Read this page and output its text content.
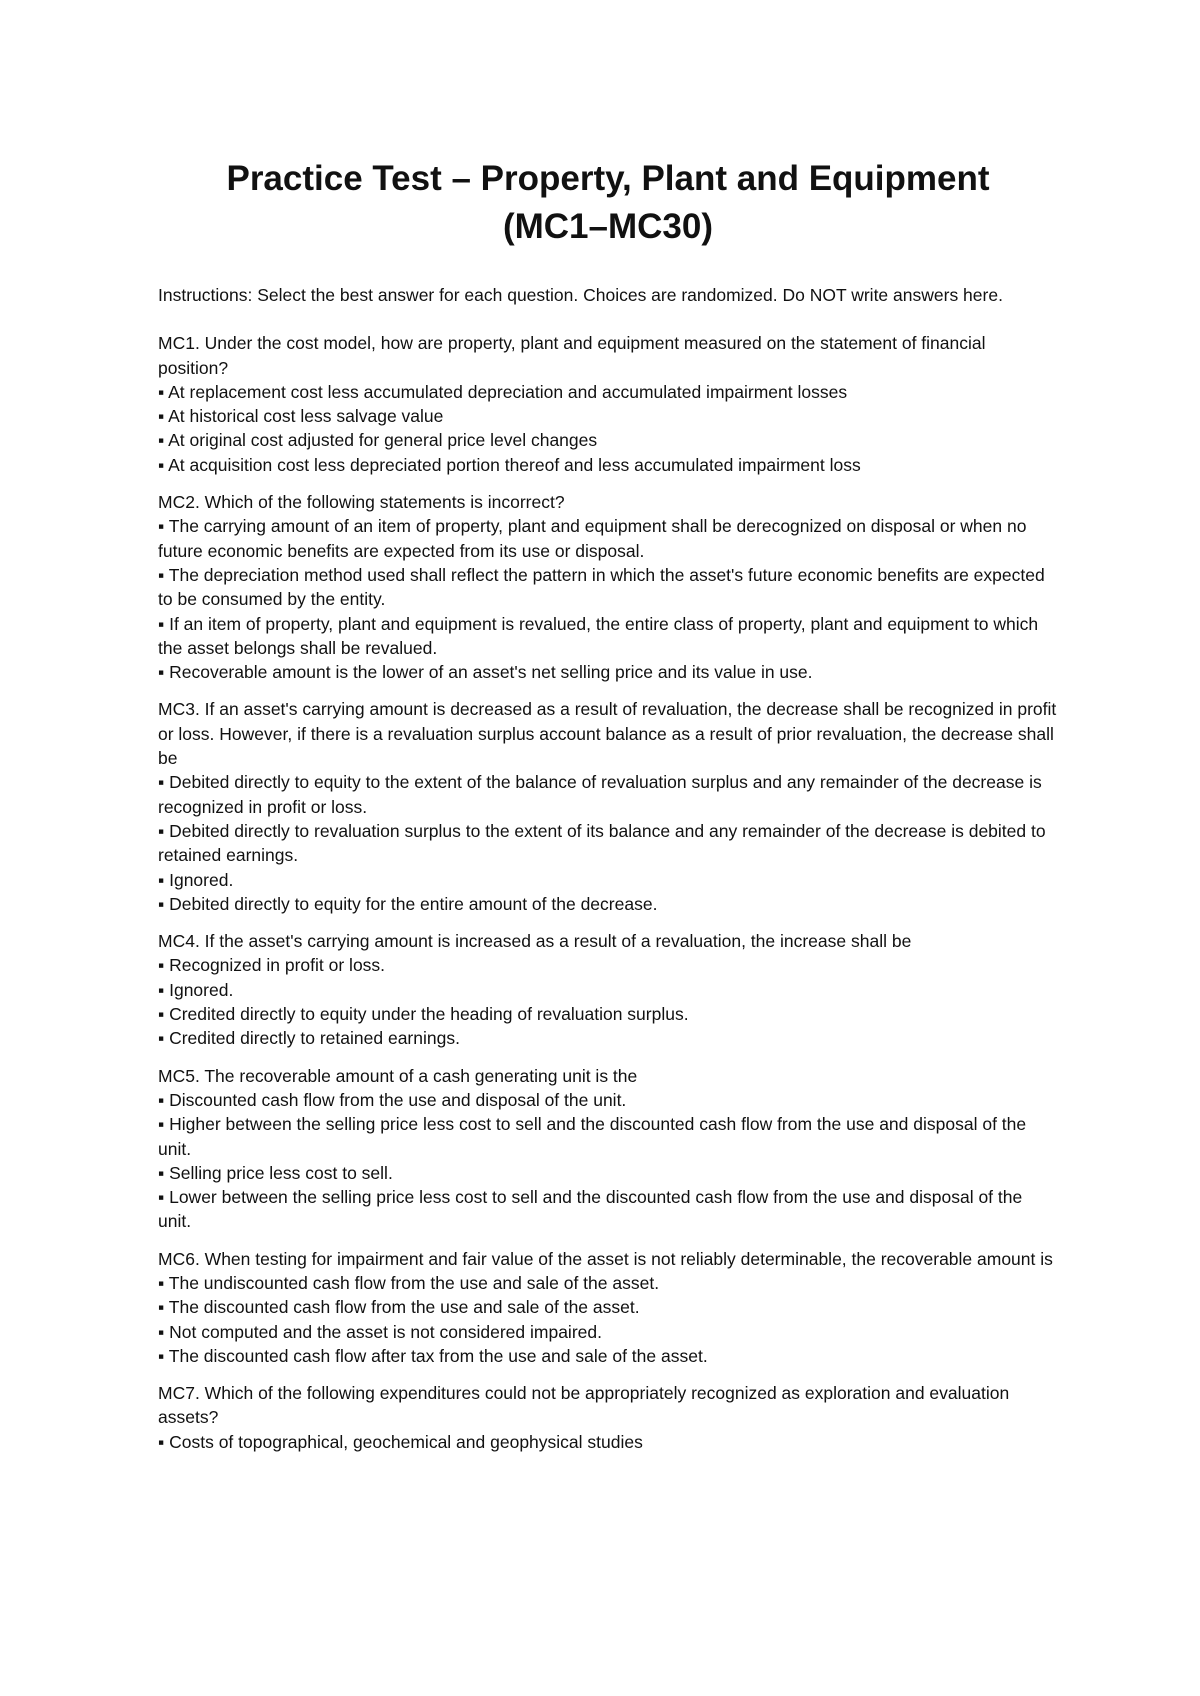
Practice Test – Property, Plant and Equipment
(MC1–MC30)

Instructions: Select the best answer for each question. Choices are randomized. Do NOT write answers here.

MC1. Under the cost model, how are property, plant and equipment measured on the statement of financial position?

▪ At replacement cost less accumulated depreciation and accumulated impairment losses
▪ At historical cost less salvage value
▪ At original cost adjusted for general price level changes
▪ At acquisition cost less depreciated portion thereof and less accumulated impairment loss

MC2. Which of the following statements is incorrect?

▪ The carrying amount of an item of property, plant and equipment shall be derecognized on disposal or when no future economic benefits are expected from its use or disposal.
▪ The depreciation method used shall reflect the pattern in which the asset's future economic benefits are expected to be consumed by the entity.
▪ If an item of property, plant and equipment is revalued, the entire class of property, plant and equipment to which the asset belongs shall be revalued.
▪ Recoverable amount is the lower of an asset's net selling price and its value in use.

MC3. If an asset's carrying amount is decreased as a result of revaluation, the decrease shall be recognized in profit or loss. However, if there is a revaluation surplus account balance as a result of prior revaluation, the decrease shall be

▪ Debited directly to equity to the extent of the balance of revaluation surplus and any remainder of the decrease is recognized in profit or loss.
▪ Debited directly to revaluation surplus to the extent of its balance and any remainder of the decrease is debited to retained earnings.
▪ Ignored.
▪ Debited directly to equity for the entire amount of the decrease.

MC4. If the asset's carrying amount is increased as a result of a revaluation, the increase shall be

▪ Recognized in profit or loss.
▪ Ignored.
▪ Credited directly to equity under the heading of revaluation surplus.
▪ Credited directly to retained earnings.

MC5. The recoverable amount of a cash generating unit is the

▪ Discounted cash flow from the use and disposal of the unit.
▪ Higher between the selling price less cost to sell and the discounted cash flow from the use and disposal of the unit.
▪ Selling price less cost to sell.
▪ Lower between the selling price less cost to sell and the discounted cash flow from the use and disposal of the unit.

MC6. When testing for impairment and fair value of the asset is not reliably determinable, the recoverable amount is

▪ The undiscounted cash flow from the use and sale of the asset.
▪ The discounted cash flow from the use and sale of the asset.
▪ Not computed and the asset is not considered impaired.
▪ The discounted cash flow after tax from the use and sale of the asset.

MC7. Which of the following expenditures could not be appropriately recognized as exploration and evaluation assets?

▪ Costs of topographical, geochemical and geophysical studies
